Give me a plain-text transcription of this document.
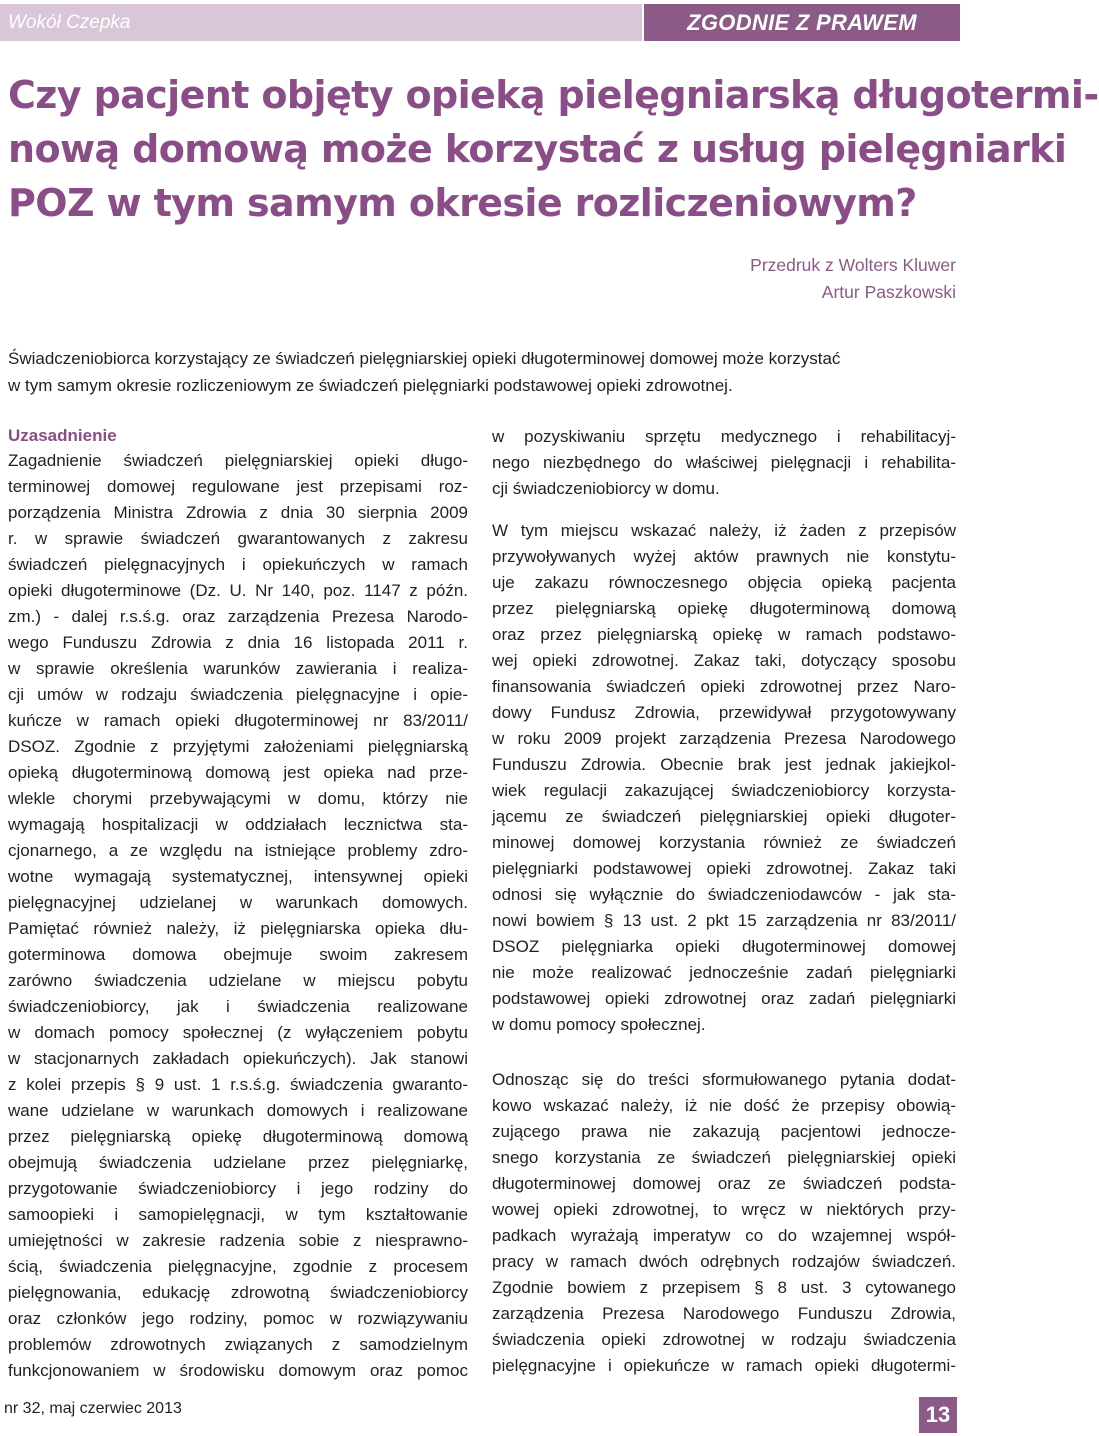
Wokół Czepka	ZGODNIE Z PRAWEM
Czy pacjent objęty opieką pielęgniarską długotermi-
nową domową może korzystać z usług pielęgniarki
POZ w tym samym okresie rozliczeniowym?
Przedruk z Wolters Kluwer
Artur Paszkowski
Świadczeniobiorca korzystający ze świadczeń pielęgniarskiej opieki długoterminowej domowej może korzystać
w tym samym okresie rozliczeniowym ze świadczeń pielęgniarki podstawowej opieki zdrowotnej.
Uzasadnienie
Zagadnienie świadczeń pielęgniarskiej opieki długo-
terminowej domowej regulowane jest przepisami roz-
porządzenia Ministra Zdrowia z dnia 30 sierpnia 2009
r. w sprawie świadczeń gwarantowanych z zakresu
świadczeń pielęgnacyjnych i opiekuńczych w ramach
opieki długoterminowe (Dz. U. Nr 140, poz. 1147 z późn.
zm.) - dalej r.s.ś.g. oraz zarządzenia Prezesa Narodo-
wego Funduszu Zdrowia z dnia 16 listopada 2011 r.
w sprawie określenia warunków zawierania i realiza-
cji umów w rodzaju świadczenia pielęgnacyjne i opie-
kuńcze w ramach opieki długoterminowej nr 83/2011/
DSOZ. Zgodnie z przyjętymi założeniami pielęgniarską
opieką długoterminową domową jest opieka nad prze-
wlekle chorymi przebywającymi w domu, którzy nie
wymagają hospitalizacji w oddziałach lecznictwa sta-
cjonarnego, a ze względu na istniejące problemy zdro-
wotne wymagają systematycznej, intensywnej opieki
pielęgnacyjnej udzielanej w warunkach domowych.
Pamiętać również należy, iż pielęgniarska opieka dłu-
goterminowa domowa obejmuje swoim zakresem
zarówno świadczenia udzielane w miejscu pobytu
świadczeniobiorcy, jak i świadczenia realizowane
w domach pomocy społecznej (z wyłączeniem pobytu
w stacjonarnych zakładach opiekuńczych). Jak stanowi
z kolei przepis § 9 ust. 1 r.s.ś.g. świadczenia gwaranto-
wane udzielane w warunkach domowych i realizowane
przez pielęgniarską opiekę długoterminową domową
obejmują świadczenia udzielane przez pielęgniarkę,
przygotowanie świadczeniobiorcy i jego rodziny do
samoopieki i samopielęgnacji, w tym kształtowanie
umiejętności w zakresie radzenia sobie z niesprawno-
ścią, świadczenia pielęgnacyjne, zgodnie z procesem
pielęgnowania, edukację zdrowotną świadczeniobiorcy
oraz członków jego rodziny, pomoc w rozwiązywaniu
problemów zdrowotnych związanych z samodzielnym
funkcjonowaniem w środowisku domowym oraz pomoc
w pozyskiwaniu sprzętu medycznego i rehabilitacyj-
nego niezbędnego do właściwej pielęgnacji i rehabilita-
cji świadczeniobiorcy w domu.
W tym miejscu wskazać należy, iż żaden z przepisów
przywoływanych wyżej aktów prawnych nie konstytu-
uje zakazu równoczesnego objęcia opieką pacjenta
przez pielęgniarską opiekę długoterminową domową
oraz przez pielęgniarską opiekę w ramach podstawo-
wej opieki zdrowotnej. Zakaz taki, dotyczący sposobu
finansowania świadczeń opieki zdrowotnej przez Naro-
dowy Fundusz Zdrowia, przewidywał przygotowywany
w roku 2009 projekt zarządzenia Prezesa Narodowego
Funduszu Zdrowia. Obecnie brak jest jednak jakiejkol-
wiek regulacji zakazującej świadczeniobiorcy korzysta-
jącemu ze świadczeń pielęgniarskiej opieki długoter-
minowej domowej korzystania również ze świadczeń
pielęgniarki podstawowej opieki zdrowotnej. Zakaz taki
odnosi się wyłącznie do świadczeniodawców - jak sta-
nowi bowiem § 13 ust. 2 pkt 15 zarządzenia nr 83/2011/
DSOZ pielęgniarka opieki długoterminowej domowej
nie może realizować jednocześnie zadań pielęgniarki
podstawowej opieki zdrowotnej oraz zadań pielęgniarki
w domu pomocy społecznej.
Odnosząc się do treści sformułowanego pytania dodat-
kowo wskazać należy, iż nie dość że przepisy obowią-
zującego prawa nie zakazują pacjentowi jednocze-
snego korzystania ze świadczeń pielęgniarskiej opieki
długoterminowej domowej oraz ze świadczeń podsta-
wowej opieki zdrowotnej, to wręcz w niektórych przy-
padkach wyrażają imperatyw co do wzajemnej współ-
pracy w ramach dwóch odrębnych rodzajów świadczeń.
Zgodnie bowiem z przepisem § 8 ust. 3 cytowanego
zarządzenia Prezesa Narodowego Funduszu Zdrowia,
świadczenia opieki zdrowotnej w rodzaju świadczenia
pielęgnacyjne i opiekuńcze w ramach opieki długotermi-
nr 32, maj czerwiec 2013	13
